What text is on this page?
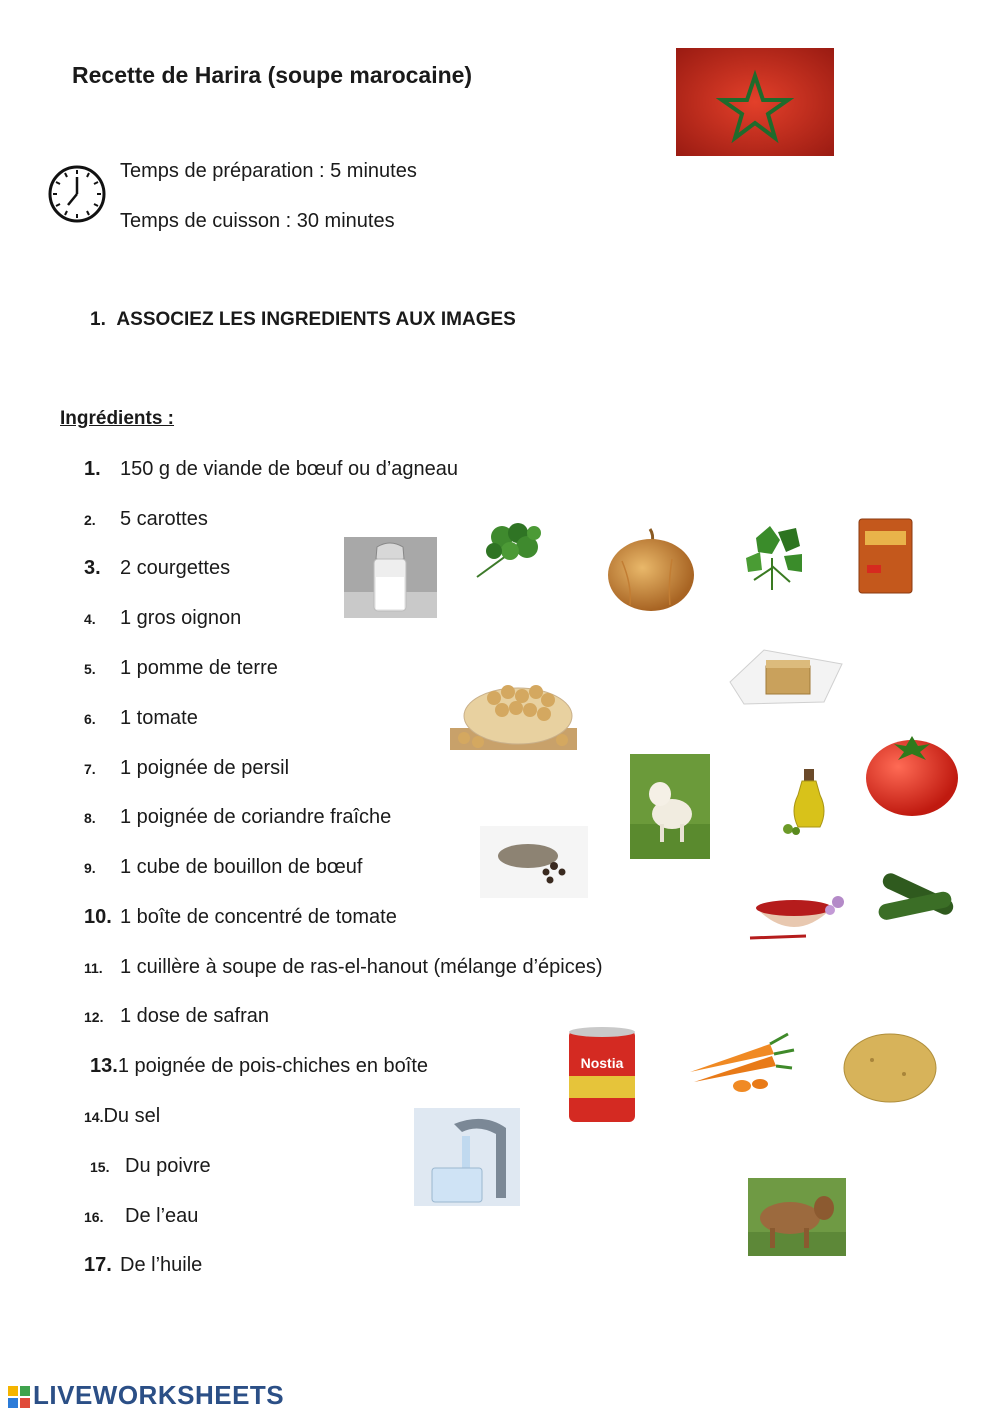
Recette de Harira (soupe marocaine)
Temps de préparation : 5 minutes
Temps de cuisson : 30 minutes
1. ASSOCIEZ LES INGREDIENTS AUX IMAGES
Ingrédients :
1. 150 g de viande de bœuf ou d’agneau
2. 5 carottes
3. 2 courgettes
4. 1 gros oignon
5. 1 pomme de terre
6. 1 tomate
7. 1 poignée de persil
8. 1 poignée de coriandre fraîche
9. 1 cube de bouillon de bœuf
10. 1 boîte de concentré de tomate
11. 1 cuillère à soupe de ras-el-hanout (mélange d’épices)
12. 1 dose de safran
13.1 poignée de pois-chiches en boîte
14.Du sel
15. Du poivre
16. De l’eau
17. De l’huile
Nostia
LIVEWORKSHEETS
